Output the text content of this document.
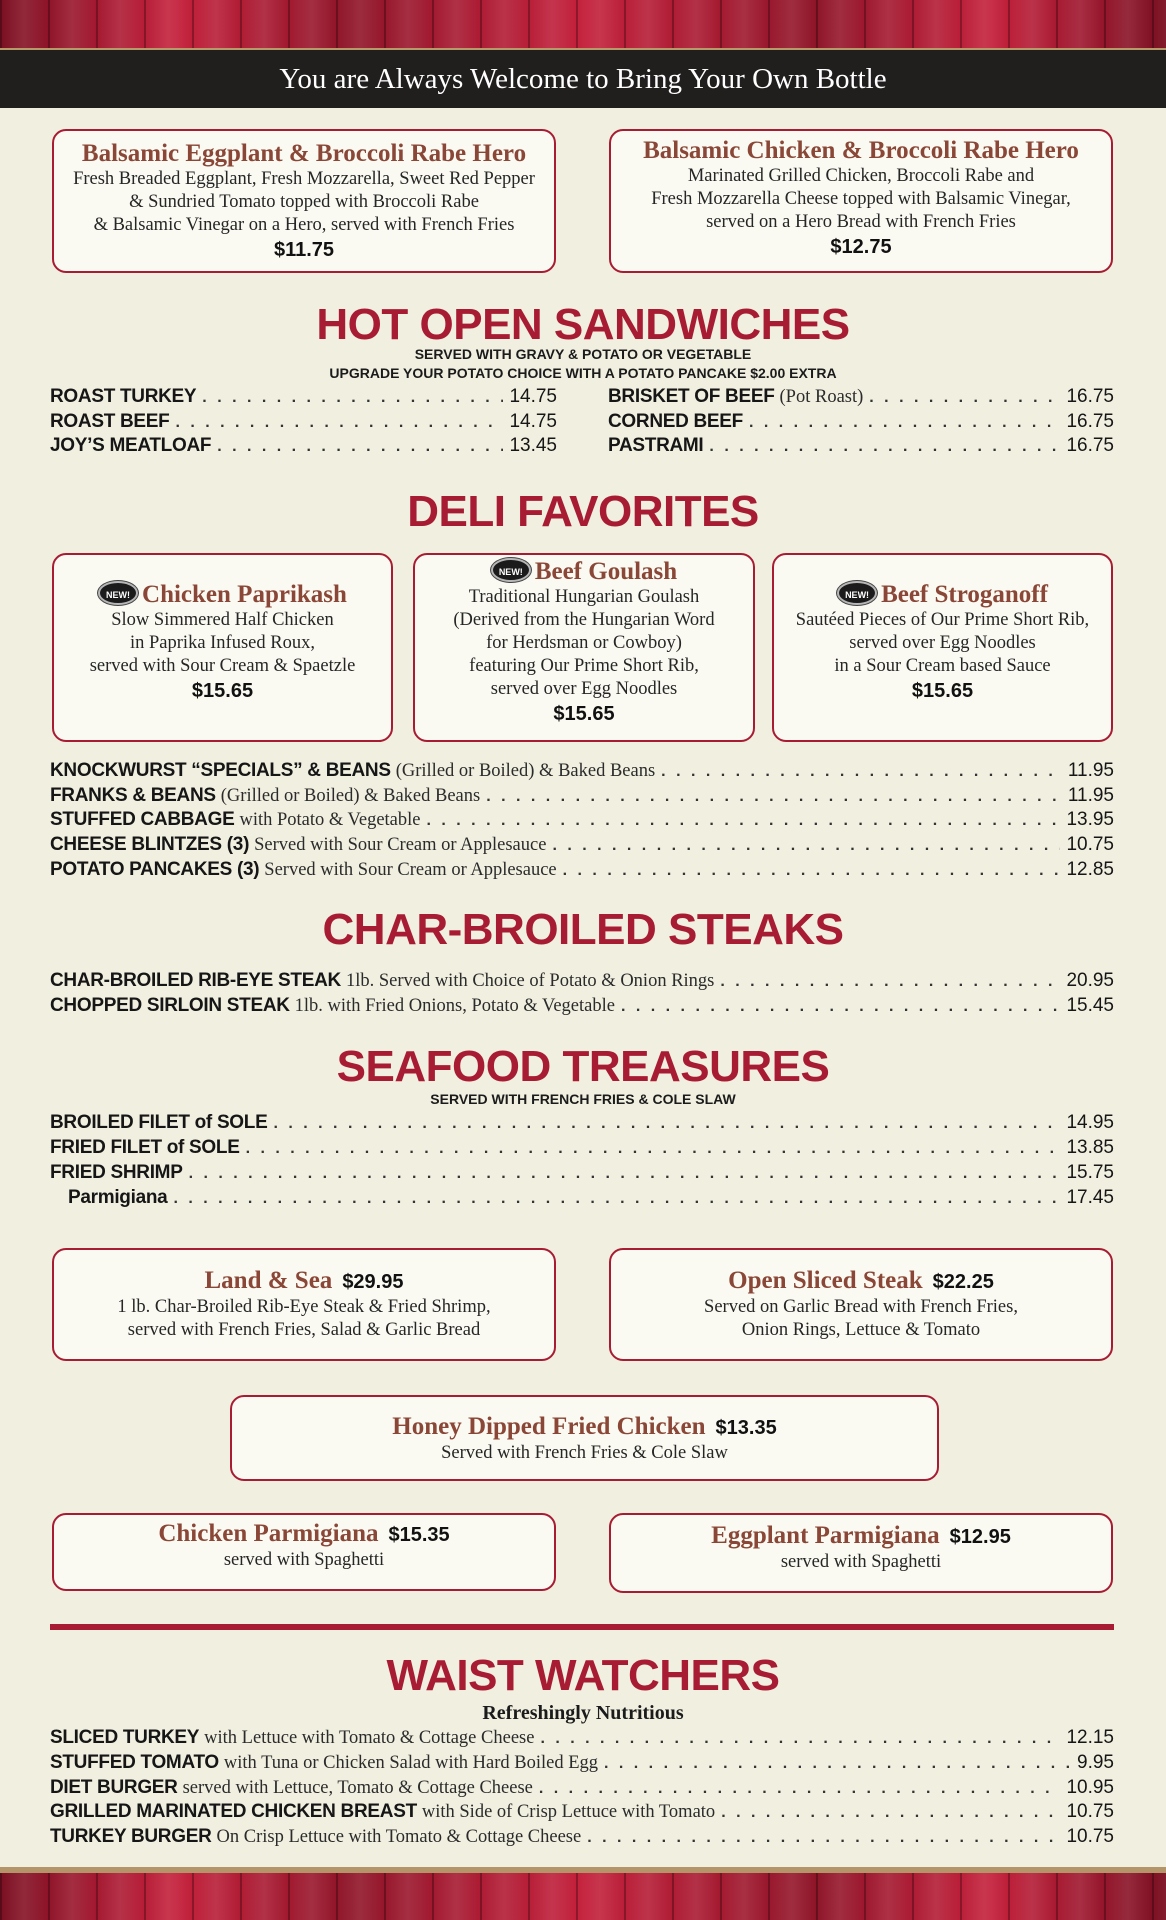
You are Always Welcome to Bring Your Own Bottle
Balsamic Eggplant & Broccoli Rabe Hero
Fresh Breaded Eggplant, Fresh Mozzarella, Sweet Red Pepper
& Sundried Tomato topped with Broccoli Rabe
& Balsamic Vinegar on a Hero, served with French Fries
$11.75
Balsamic Chicken & Broccoli Rabe Hero
Marinated Grilled Chicken, Broccoli Rabe and
Fresh Mozzarella Cheese topped with Balsamic Vinegar,
served on a Hero Bread with French Fries
$12.75
HOT OPEN SANDWICHES
SERVED WITH GRAVY & POTATO OR VEGETABLE
UPGRADE YOUR POTATO CHOICE WITH A POTATO PANCAKE $2.00 EXTRA
ROAST TURKEY . . .	14.75
ROAST BEEF . . .	14.75
JOY’S MEATLOAF . . .	13.45
BRISKET OF BEEF (Pot Roast) . . .	16.75
CORNED BEEF . . .	16.75
PASTRAMI . . .	16.75
DELI FAVORITES
NEW! Chicken Paprikash
Slow Simmered Half Chicken
in Paprika Infused Roux,
served with Sour Cream & Spaetzle
$15.65
NEW! Beef Goulash
Traditional Hungarian Goulash
(Derived from the Hungarian Word
for Herdsman or Cowboy)
featuring Our Prime Short Rib,
served over Egg Noodles
$15.65
NEW! Beef Stroganoff
Sautéed Pieces of Our Prime Short Rib,
served over Egg Noodles
in a Sour Cream based Sauce
$15.65
KNOCKWURST “SPECIALS” & BEANS (Grilled or Boiled) & Baked Beans . . .	11.95
FRANKS & BEANS (Grilled or Boiled) & Baked Beans . . .	11.95
STUFFED CABBAGE with Potato & Vegetable . . .	13.95
CHEESE BLINTZES (3) Served with Sour Cream or Applesauce . . .	10.75
POTATO PANCAKES (3) Served with Sour Cream or Applesauce . . .	12.85
CHAR-BROILED STEAKS
CHAR-BROILED RIB-EYE STEAK 1lb. Served with Choice of Potato & Onion Rings . . .	20.95
CHOPPED SIRLOIN STEAK 1lb. with Fried Onions, Potato & Vegetable . . .	15.45
SEAFOOD TREASURES
SERVED WITH FRENCH FRIES & COLE SLAW
BROILED FILET of SOLE . . .	14.95
FRIED FILET of SOLE . . .	13.85
FRIED SHRIMP . . .	15.75
Parmigiana . . .	17.45
Land & Sea $29.95
1 lb. Char-Broiled Rib-Eye Steak & Fried Shrimp,
served with French Fries, Salad & Garlic Bread
Open Sliced Steak $22.25
Served on Garlic Bread with French Fries,
Onion Rings, Lettuce & Tomato
Honey Dipped Fried Chicken $13.35
Served with French Fries & Cole Slaw
Chicken Parmigiana $15.35
served with Spaghetti
Eggplant Parmigiana $12.95
served with Spaghetti
WAIST WATCHERS
Refreshingly Nutritious
SLICED TURKEY with Lettuce with Tomato & Cottage Cheese . . .	12.15
STUFFED TOMATO with Tuna or Chicken Salad with Hard Boiled Egg . . .	9.95
DIET BURGER served with Lettuce, Tomato & Cottage Cheese . . .	10.95
GRILLED MARINATED CHICKEN BREAST with Side of Crisp Lettuce with Tomato . . .	10.75
TURKEY BURGER On Crisp Lettuce with Tomato & Cottage Cheese . . .	10.75
